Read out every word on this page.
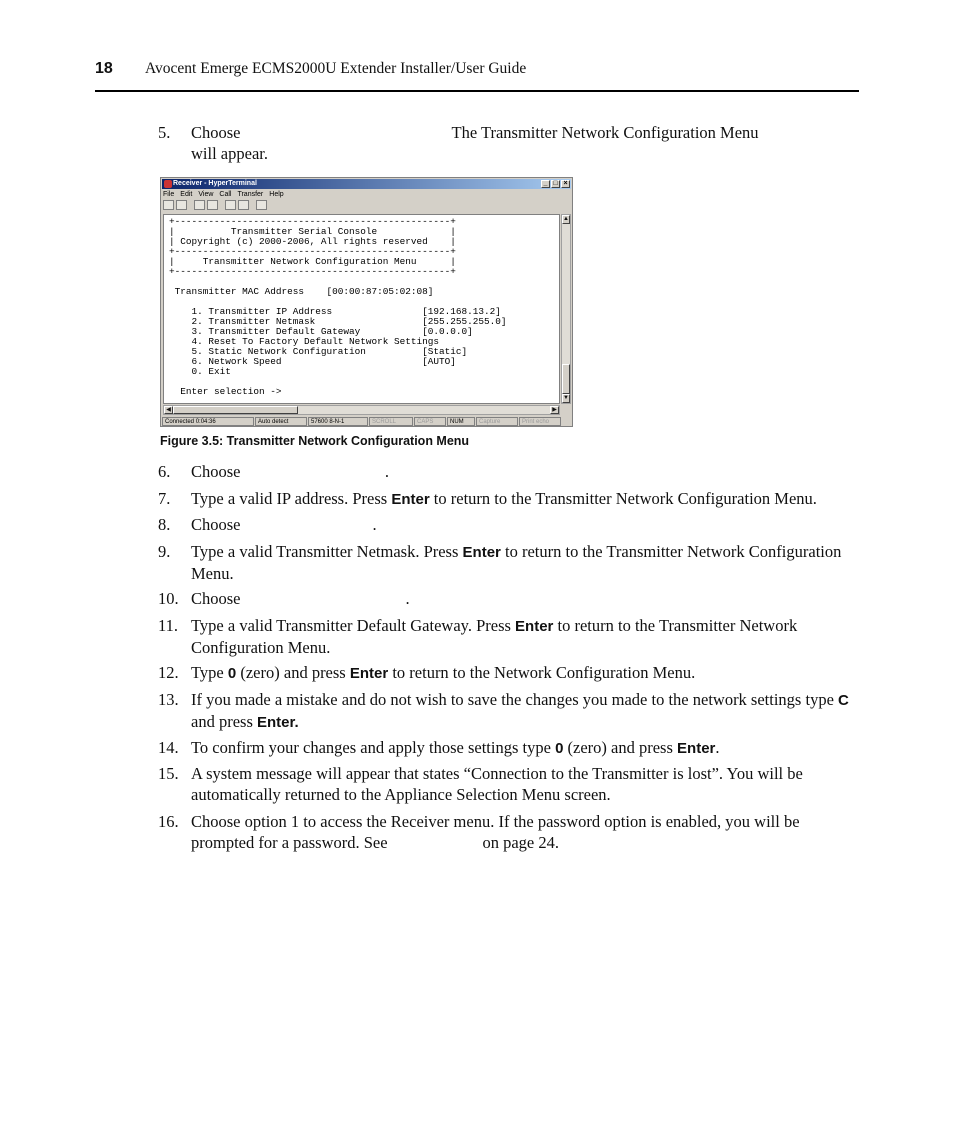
18 Avocent Emerge ECMS2000U Extender Installer/User Guide
5. Choose	The Transmitter Network Configuration Menu
will appear.
Receiver - HyperTerminal	_ □ ×
File Edit View Call Transfer Help
+-------------------------------------------------+
|          Transmitter Serial Console             |
| Copyright (c) 2000-2006, All rights reserved    |
+-------------------------------------------------+
|     Transmitter Network Configuration Menu      |
+-------------------------------------------------+

Transmitter MAC Address    [00:00:87:05:02:08]

1. Transmitter IP Address                [192.168.13.2]
2. Transmitter Netmask                   [255.255.255.0]
3. Transmitter Default Gateway           [0.0.0.0]
4. Reset To Factory Default Network Settings
5. Static Network Configuration          [Static]
6. Network Speed                         [AUTO]
0. Exit

Enter selection ->
▲
▼
◀	▶
Connected 0:04:36	Auto detect	57600 8-N-1	SCROLL	CAPS	NUM	Capture	Print echo
Figure 3.5: Transmitter Network Configuration Menu
6. Choose                                   .
7. Type a valid IP address. Press Enter to return to the Transmitter Network Configuration Menu.
8. Choose                                .
9. Type a valid Transmitter Netmask. Press Enter to return to the Transmitter Network Configuration Menu.
10. Choose                                        .
11. Type a valid Transmitter Default Gateway. Press Enter to return to the Transmitter Network Configuration Menu.
12. Type 0 (zero) and press Enter to return to the Network Configuration Menu.
13. If you made a mistake and do not wish to save the changes you made to the network settings type C and press Enter.
14. To confirm your changes and apply those settings type 0 (zero) and press Enter.
15. A system message will appear that states “Connection to the Transmitter is lost”. You will be automatically returned to the Appliance Selection Menu screen.
16. Choose option 1 to access the Receiver menu. If the password option is enabled, you will be prompted for a password. See	on page 24.
